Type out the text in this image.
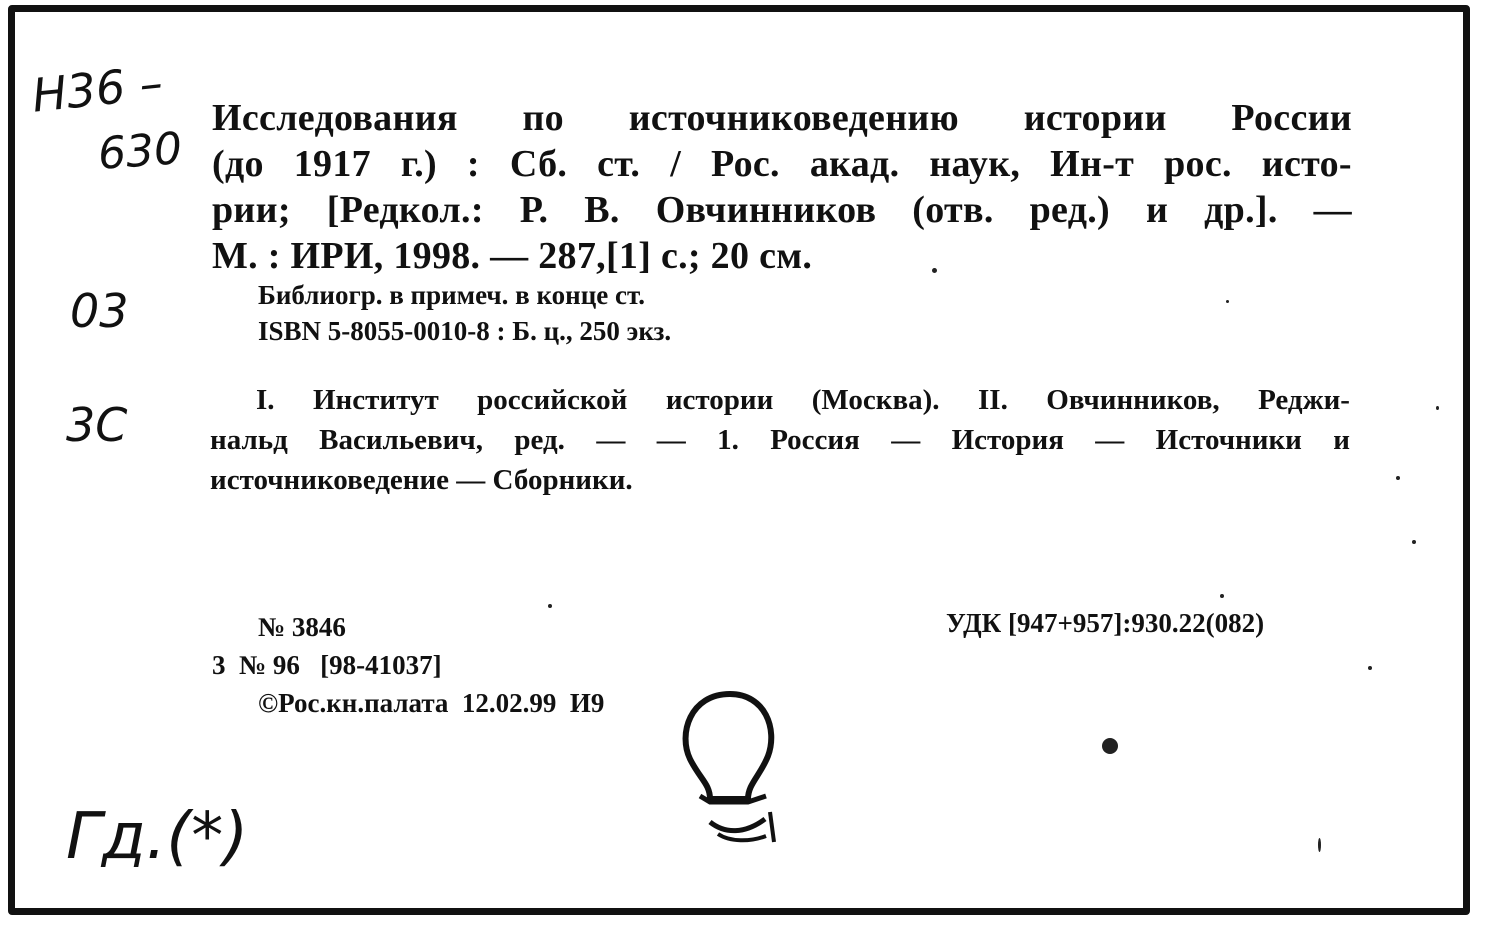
Н36 –
630
03
3С
Гд.(*)
Исследования по источниковедению истории России
(до 1917 г.) : Сб. ст. / Рос. акад. наук, Ин-т рос. исто-
рии; [Редкол.: Р. В. Овчинников (отв. ред.) и др.]. —
М. : ИРИ, 1998. — 287,[1] с.; 20 см.
Библиогр. в примеч. в конце ст.
ISBN 5-8055-0010-8 : Б. ц., 250 экз.
I. Институт российской истории (Москва). II. Овчинников, Реджи-
нальд Васильевич, ред. — — 1. Россия — История — Источники и
источниковедение — Сборники.
№ 3846	УДК [947+957]:930.22(082)
3  № 96   [98-41037]
©Рос.кн.палата  12.02.99  И9
